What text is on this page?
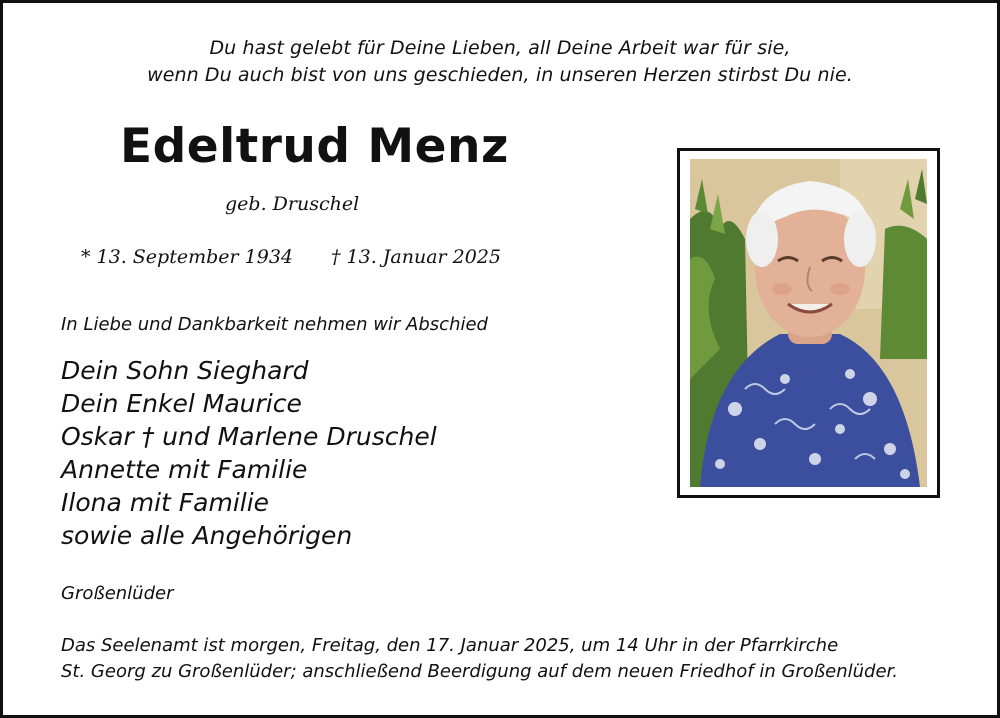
Du hast gelebt für Deine Lieben, all Deine Arbeit war für sie,
wenn Du auch bist von uns geschieden, in unseren Herzen stirbst Du nie.
Edeltrud Menz
geb. Druschel
* 13. September 1934 † 13. Januar 2025
In Liebe und Dankbarkeit nehmen wir Abschied
Dein Sohn Sieghard
Dein Enkel Maurice
Oskar † und Marlene Druschel
Annette mit Familie
Ilona mit Familie
sowie alle Angehörigen
Großenlüder
Das Seelenamt ist morgen, Freitag, den 17. Januar 2025, um 14 Uhr in der Pfarrkirche
St. Georg zu Großenlüder; anschließend Beerdigung auf dem neuen Friedhof in Großenlüder.
